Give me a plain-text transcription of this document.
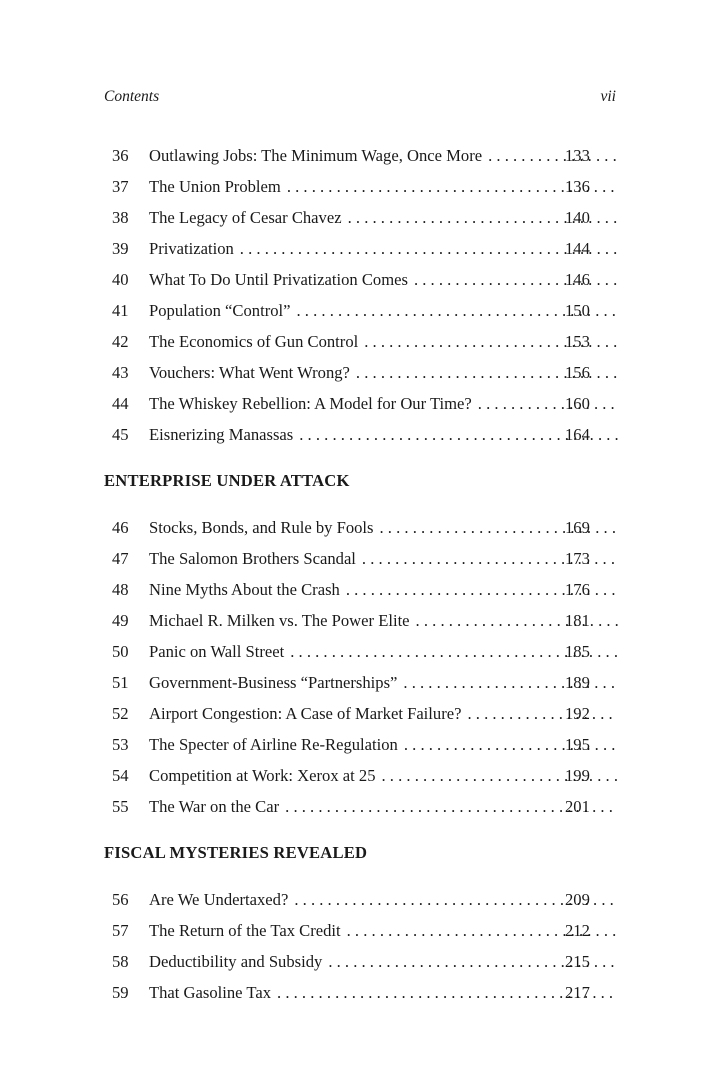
Contents	vii
36	Outlawing Jobs: The Minimum Wage, Once More . . .	133
37	The Union Problem . . .	136
38	The Legacy of Cesar Chavez . . .	140
39	Privatization . . .	144
40	What To Do Until Privatization Comes . . .	146
41	Population “Control” . . .	150
42	The Economics of Gun Control . . .	153
43	Vouchers: What Went Wrong? . . .	156
44	The Whiskey Rebellion: A Model for Our Time? . . .	160
45	Eisnerizing Manassas . . .	164
ENTERPRISE UNDER ATTACK
46	Stocks, Bonds, and Rule by Fools . . .	169
47	The Salomon Brothers Scandal . . .	173
48	Nine Myths About the Crash . . .	176
49	Michael R. Milken vs. The Power Elite . . .	181
50	Panic on Wall Street . . .	185
51	Government-Business “Partnerships” . . .	189
52	Airport Congestion: A Case of Market Failure? . . .	192
53	The Specter of Airline Re-Regulation . . .	195
54	Competition at Work: Xerox at 25 . . .	199
55	The War on the Car . . .	201
FISCAL MYSTERIES REVEALED
56	Are We Undertaxed? . . .	209
57	The Return of the Tax Credit . . .	212
58	Deductibility and Subsidy . . .	215
59	That Gasoline Tax . . .	217
